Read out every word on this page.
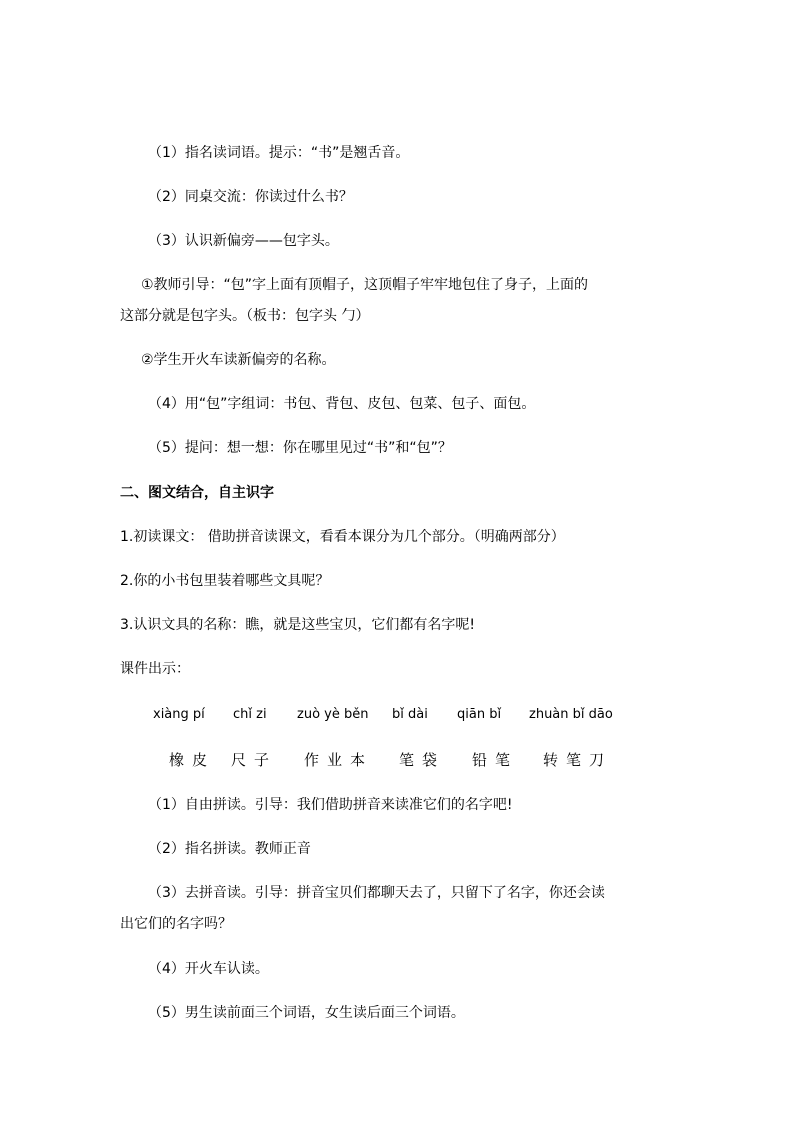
（1）指名读词语。提示：“书”是翘舌音。
（2）同桌交流：你读过什么书？
（3）认识新偏旁——包字头。
①教师引导：“包”字上面有顶帽子，这顶帽子牢牢地包住了身子，上面的
这部分就是包字头。（板书：包字头 勹）
②学生开火车读新偏旁的名称。
（4）用“包”字组词：书包、背包、皮包、包菜、包子、面包。
（5）提问：想一想：你在哪里见过“书”和“包”？
二、图文结合，自主识字
1.初读课文： 借助拼音读课文，看看本课分为几个部分。（明确两部分）
2.你的小书包里装着哪些文具呢？
3.认识文具的名称：瞧，就是这些宝贝，它们都有名字呢!
课件出示：
xiàng pí chǐ zi zuò yè běn bǐ dài qiān bǐ zhuàn bǐ dāo
橡皮 尺子 作业本 笔袋 铅笔 转笔刀
（1）自由拼读。引导：我们借助拼音来读准它们的名字吧!
（2）指名拼读。教师正音
（3）去拼音读。引导：拼音宝贝们都聊天去了，只留下了名字，你还会读
出它们的名字吗？
（4）开火车认读。
（5）男生读前面三个词语，女生读后面三个词语。
